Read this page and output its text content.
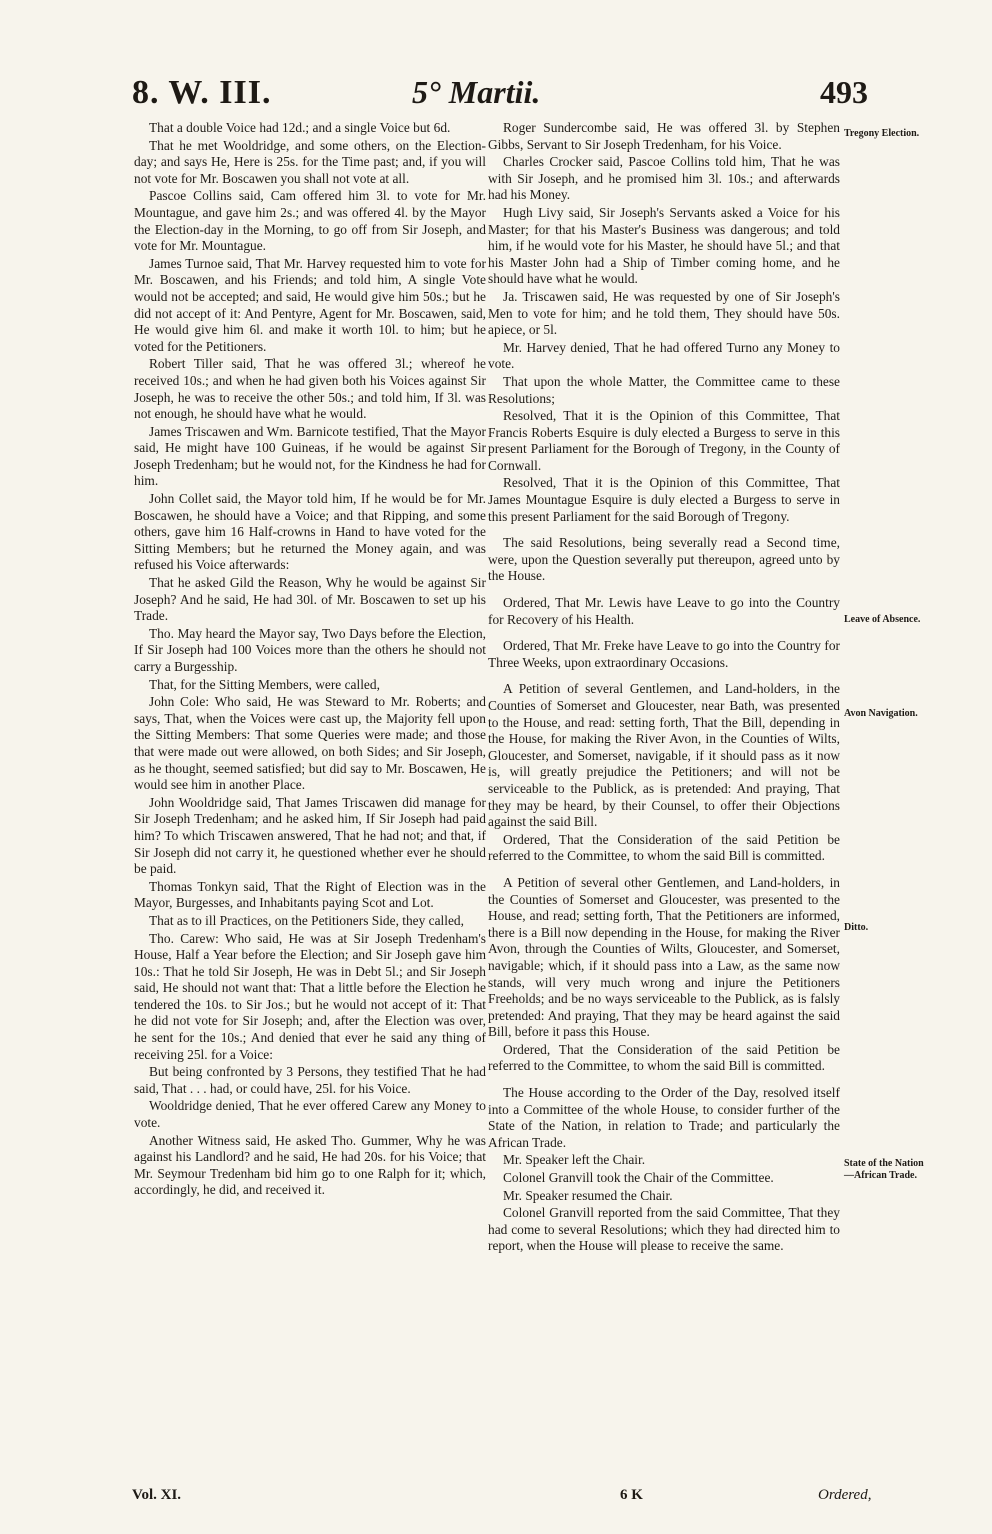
8. W. III.	5° Martii.	493

That a double Voice had 12d.; and a single Voice but 6d.

That he met Wooldridge, and some others, on the Election-day; and says He, Here is 25s. for the Time past; and, if you will not vote for Mr. Boscawen you shall not vote at all.

Pascoe Collins said, Cam offered him 3l. to vote for Mr. Mountague, and gave him 2s.; and was offered 4l. by the Mayor the Election-day in the Morning, to go off from Sir Joseph, and vote for Mr. Mountague.

James Turnoe said, That Mr. Harvey requested him to vote for Mr. Boscawen, and his Friends; and told him, A single Vote would not be accepted; and said, He would give him 50s.; but he did not accept of it: And Pentyre, Agent for Mr. Boscawen, said, He would give him 6l. and make it worth 10l. to him; but he voted for the Petitioners.

Robert Tiller said, That he was offered 3l.; whereof he received 10s.; and when he had given both his Voices against Sir Joseph, he was to receive the other 50s.; and told him, If 3l. was not enough, he should have what he would.

James Triscawen and Wm. Barnicote testified, That the Mayor said, He might have 100 Guineas, if he would be against Sir Joseph Tredenham; but he would not, for the Kindness he had for him.

John Collet said, the Mayor told him, If he would be for Mr. Boscawen, he should have a Voice; and that Ripping, and some others, gave him 16 Half-crowns in Hand to have voted for the Sitting Members; but he returned the Money again, and was refused his Voice afterwards:

That he asked Gild the Reason, Why he would be against Sir Joseph? And he said, He had 30l. of Mr. Boscawen to set up his Trade.

Tho. May heard the Mayor say, Two Days before the Election, If Sir Joseph had 100 Voices more than the others he should not carry a Burgesship.

That, for the Sitting Members, were called,

John Cole: Who said, He was Steward to Mr. Roberts; and says, That, when the Voices were cast up, the Majority fell upon the Sitting Members: That some Queries were made; and those that were made out were allowed, on both Sides; and Sir Joseph, as he thought, seemed satisfied; but did say to Mr. Boscawen, He would see him in another Place.

John Wooldridge said, That James Triscawen did manage for Sir Joseph Tredenham; and he asked him, If Sir Joseph had paid him? To which Triscawen answered, That he had not; and that, if Sir Joseph did not carry it, he questioned whether ever he should be paid.

Thomas Tonkyn said, That the Right of Election was in the Mayor, Burgesses, and Inhabitants paying Scot and Lot.

That as to ill Practices, on the Petitioners Side, they called,

Tho. Carew: Who said, He was at Sir Joseph Tredenham's House, Half a Year before the Election; and Sir Joseph gave him 10s.: That he told Sir Joseph, He was in Debt 5l.; and Sir Joseph said, He should not want that: That a little before the Election he tendered the 10s. to Sir Jos.; but he would not accept of it: That he did not vote for Sir Joseph; and, after the Election was over, he sent for the 10s.; And denied that ever he said any thing of receiving 25l. for a Voice:

But being confronted by 3 Persons, they testified That he had said, That . . . had, or could have, 25l. for his Voice.

Wooldridge denied, That he ever offered Carew any Money to vote.

Another Witness said, He asked Tho. Gummer, Why he was against his Landlord? and he said, He had 20s. for his Voice; that Mr. Seymour Tredenham bid him go to one Ralph for it; which, accordingly, he did, and received it.

Roger Sundercombe said, He was offered 3l. by Stephen Gibbs, Servant to Sir Joseph Tredenham, for his Voice.

Charles Crocker said, Pascoe Collins told him, That he was with Sir Joseph, and he promised him 3l. 10s.; and afterwards had his Money.

Hugh Livy said, Sir Joseph's Servants asked a Voice for his Master; for that his Master's Business was dangerous; and told him, if he would vote for his Master, he should have 5l.; and that his Master John had a Ship of Timber coming home, and he should have what he would.

Ja. Triscawen said, He was requested by one of Sir Joseph's Men to vote for him; and he told them, They should have 50s. apiece, or 5l.

Mr. Harvey denied, That he had offered Turno any Money to vote.

That upon the whole Matter, the Committee came to these Resolutions;

Resolved, That it is the Opinion of this Committee, That Francis Roberts Esquire is duly elected a Burgess to serve in this present Parliament for the Borough of Tregony, in the County of Cornwall.

Resolved, That it is the Opinion of this Committee, That James Mountague Esquire is duly elected a Burgess to serve in this present Parliament for the said Borough of Tregony.

The said Resolutions, being severally read a Second time, were, upon the Question severally put thereupon, agreed unto by the House.

Ordered, That Mr. Lewis have Leave to go into the Country for Recovery of his Health.

Ordered, That Mr. Freke have Leave to go into the Country for Three Weeks, upon extraordinary Occasions.

A Petition of several Gentlemen, and Land-holders, in the Counties of Somerset and Gloucester, near Bath, was presented to the House, and read: setting forth, That the Bill, depending in the House, for making the River Avon, in the Counties of Wilts, Gloucester, and Somerset, navigable, if it should pass as it now is, will greatly prejudice the Petitioners; and will not be serviceable to the Publick, as is pretended: And praying, That they may be heard, by their Counsel, to offer their Objections against the said Bill.

Ordered, That the Consideration of the said Petition be referred to the Committee, to whom the said Bill is committed.

A Petition of several other Gentlemen, and Land-holders, in the Counties of Somerset and Gloucester, was presented to the House, and read; setting forth, That the Petitioners are informed, there is a Bill now depending in the House, for making the River Avon, through the Counties of Wilts, Gloucester, and Somerset, navigable; which, if it should pass into a Law, as the same now stands, will very much wrong and injure the Petitioners Freeholds; and be no ways serviceable to the Publick, as is falsly pretended: And praying, That they may be heard against the said Bill, before it pass this House.

Ordered, That the Consideration of the said Petition be referred to the Committee, to whom the said Bill is committed.

The House according to the Order of the Day, resolved itself into a Committee of the whole House, to consider further of the State of the Nation, in relation to Trade; and particularly the African Trade.

Mr. Speaker left the Chair.

Colonel Granvill took the Chair of the Committee.

Mr. Speaker resumed the Chair.

Colonel Granvill reported from the said Committee, That they had come to several Resolutions; which they had directed him to report, when the House will please to receive the same.

Tregony Election.
Leave of Absence.
Avon Navigation.
Ditto.
State of the Nation—African Trade.
Vol. XI.	6 K	Ordered,
